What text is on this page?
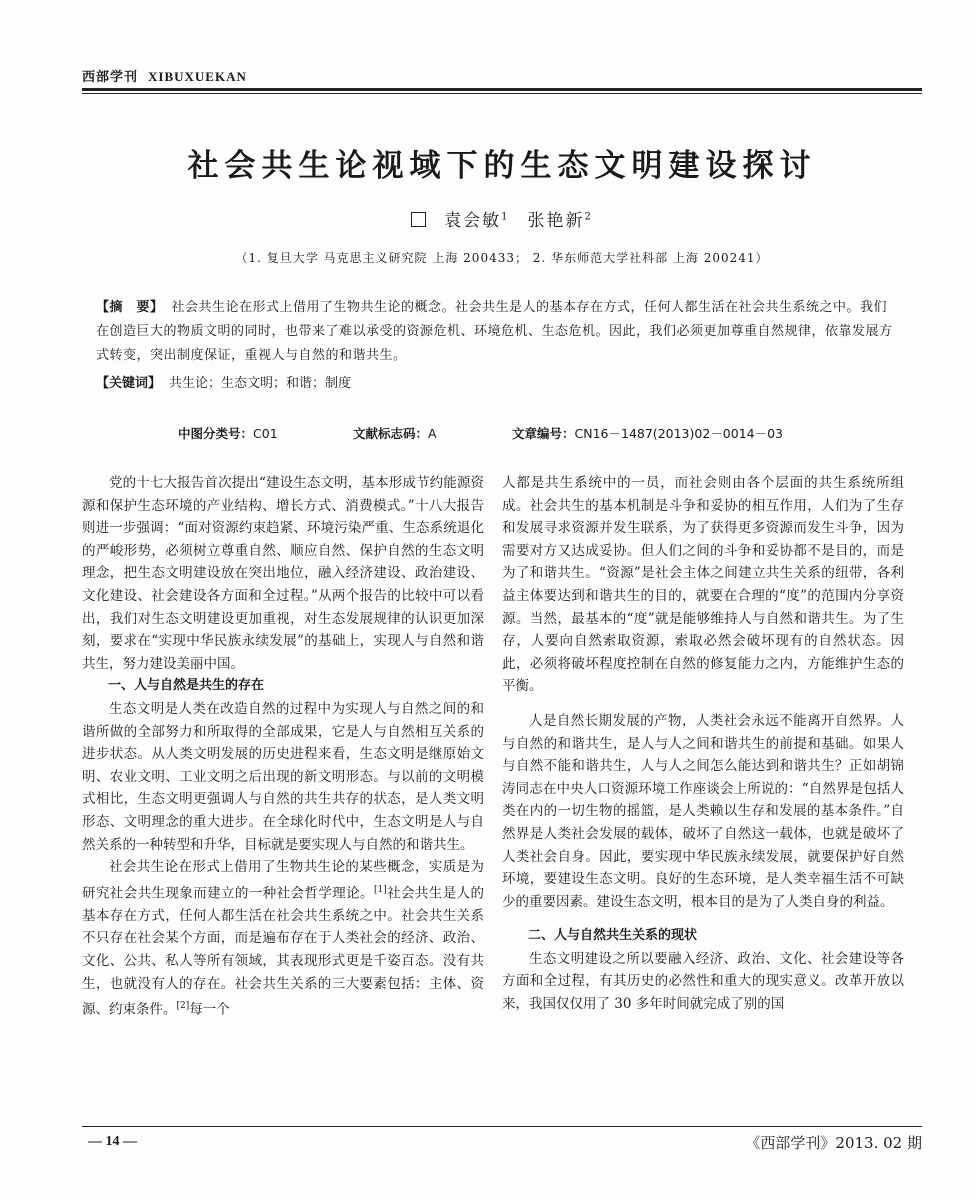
西部学刊 XIBUXUEKAN
社会共生论视域下的生态文明建设探讨
袁会敏$^1$ 张艳新$^2$
（1. 复旦大学 马克思主义研究院 上海 200433； 2. 华东师范大学社科部 上海 200241）
【摘　要】 社会共生论在形式上借用了生物共生论的概念。社会共生是人的基本存在方式，任何人都生活在社会共生系统之中。我们在创造巨大的物质文明的同时，也带来了难以承受的资源危机、环境危机、生态危机。因此，我们必须更加尊重自然规律，依靠发展方式转变，突出制度保证，重视人与自然的和谐共生。
【关键词】 共生论；生态文明；和谐；制度
中图分类号：C01	文献标志码：A	文章编号：CN16－1487(2013)02－0014－03

党的十七大报告首次提出“建设生态文明，基本形成节约能源资源和保护生态环境的产业结构、增长方式、消费模式。”十八大报告则进一步强调：“面对资源约束趋紧、环境污染严重、生态系统退化的严峻形势，必须树立尊重自然、顺应自然、保护自然的生态文明理念，把生态文明建设放在突出地位，融入经济建设、政治建设、文化建设、社会建设各方面和全过程。”从两个报告的比较中可以看出，我们对生态文明建设更加重视，对生态发展规律的认识更加深刻，要求在“实现中华民族永续发展”的基础上，实现人与自然和谐共生，努力建设美丽中国。

一、人与自然是共生的存在

生态文明是人类在改造自然的过程中为实现人与自然之间的和谐所做的全部努力和所取得的全部成果，它是人与自然相互关系的进步状态。从人类文明发展的历史进程来看，生态文明是继原始文明、农业文明、工业文明之后出现的新文明形态。与以前的文明模式相比，生态文明更强调人与自然的共生共存的状态，是人类文明形态、文明理念的重大进步。在全球化时代中，生态文明是人与自然关系的一种转型和升华，目标就是要实现人与自然的和谐共生。

社会共生论在形式上借用了生物共生论的某些概念，实质是为研究社会共生现象而建立的一种社会哲学理论。[1]社会共生是人的基本存在方式，任何人都生活在社会共生系统之中。社会共生关系不只存在社会某个方面，而是遍布存在于人类社会的经济、政治、文化、公共、私人等所有领域，其表现形式更是千姿百态。没有共生，也就没有人的存在。社会共生关系的三大要素包括：主体、资源、约束条件。[2]每一个

人都是共生系统中的一员，而社会则由各个层面的共生系统所组成。社会共生的基本机制是斗争和妥协的相互作用，人们为了生存和发展寻求资源并发生联系，为了获得更多资源而发生斗争，因为需要对方又达成妥协。但人们之间的斗争和妥协都不是目的，而是为了和谐共生。“资源”是社会主体之间建立共生关系的纽带，各利益主体要达到和谐共生的目的，就要在合理的“度”的范围内分享资源。当然，最基本的“度”就是能够维持人与自然和谐共生。为了生存，人要向自然索取资源，索取必然会破坏现有的自然状态。因此，必须将破坏程度控制在自然的修复能力之内，方能维护生态的平衡。

人是自然长期发展的产物，人类社会永远不能离开自然界。人与自然的和谐共生，是人与人之间和谐共生的前提和基础。如果人与自然不能和谐共生，人与人之间怎么能达到和谐共生？正如胡锦涛同志在中央人口资源环境工作座谈会上所说的：“自然界是包括人类在内的一切生物的摇篮，是人类赖以生存和发展的基本条件。”自然界是人类社会发展的载体，破坏了自然这一载体，也就是破坏了人类社会自身。因此，要实现中华民族永续发展，就要保护好自然环境，要建设生态文明。良好的生态环境，是人类幸福生活不可缺少的重要因素。建设生态文明，根本目的是为了人类自身的利益。

二、人与自然共生关系的现状

生态文明建设之所以要融入经济、政治、文化、社会建设等各方面和全过程，有其历史的必然性和重大的现实意义。改革开放以来，我国仅仅用了 30 多年时间就完成了别的国

— 14 —	《西部学刊》2013. 02 期
